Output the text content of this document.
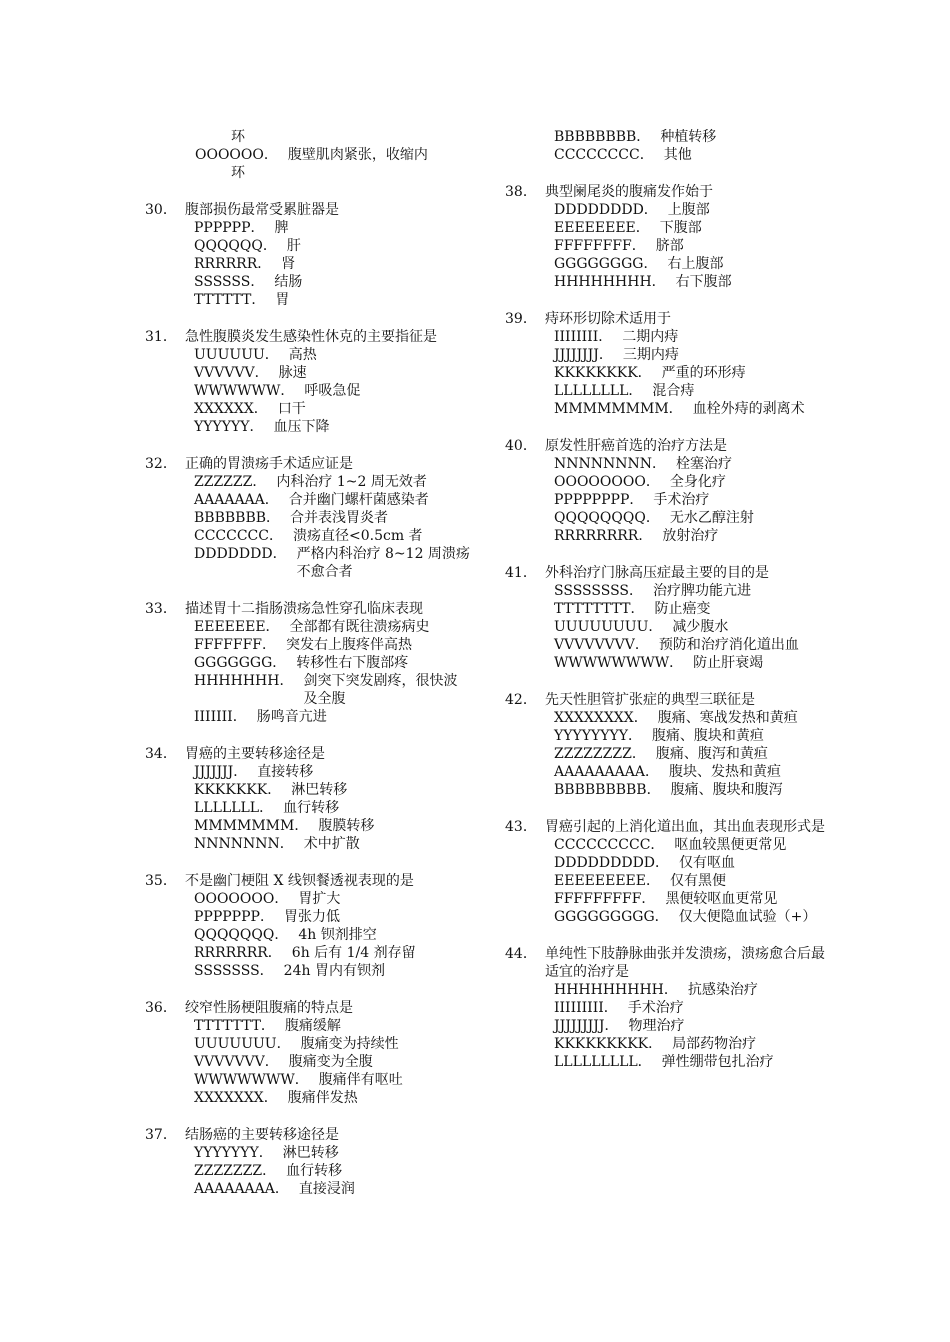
环
OOOOOO． 腹壁肌肉紧张，收缩内
环
30． 腹部损伤最常受累脏器是
PPPPPP． 脾
QQQQQQ． 肝
RRRRRR． 肾
SSSSSS． 结肠
TTTTTT． 胃
31． 急性腹膜炎发生感染性休克的主要指征是
UUUUUU． 高热
VVVVVV． 脉速
WWWWWW． 呼吸急促
XXXXXX． 口干
YYYYYY． 血压下降
32． 正确的胃溃疡手术适应证是
ZZZZZZ． 内科治疗 1~2 周无效者
AAAAAAA． 合并幽门螺杆菌感染者
BBBBBBB． 合并表浅胃炎者
CCCCCCC． 溃疡直径<0.5cm 者
DDDDDDD． 严格内科治疗 8~12 周溃疡不愈合者
33． 描述胃十二指肠溃疡急性穿孔临床表现
EEEEEEE． 全部都有既往溃疡病史
FFFFFFF． 突发右上腹疼伴高热
GGGGGGG． 转移性右下腹部疼
HHHHHHH． 剑突下突发剧疼，很快波及全腹
IIIIIII． 肠鸣音亢进
34． 胃癌的主要转移途径是
JJJJJJJ． 直接转移
KKKKKKK． 淋巴转移
LLLLLLL． 血行转移
MMMMMMM． 腹膜转移
NNNNNNN． 术中扩散
35． 不是幽门梗阻 X 线钡餐透视表现的是
OOOOOOO． 胃扩大
PPPPPPP． 胃张力低
QQQQQQQ． 4h 钡剂排空
RRRRRRR． 6h 后有 1/4 剂存留
SSSSSSS． 24h 胃内有钡剂
36． 绞窄性肠梗阻腹痛的特点是
TTTTTTT． 腹痛缓解
UUUUUUU． 腹痛变为持续性
VVVVVVV． 腹痛变为全腹
WWWWWWW． 腹痛伴有呕吐
XXXXXXX． 腹痛伴发热
37． 结肠癌的主要转移途径是
YYYYYYY． 淋巴转移
ZZZZZZZ． 血行转移
AAAAAAAA． 直接浸润
BBBBBBBB． 种植转移
CCCCCCCC． 其他
38． 典型阑尾炎的腹痛发作始于
DDDDDDDD． 上腹部
EEEEEEEE． 下腹部
FFFFFFFF． 脐部
GGGGGGGG． 右上腹部
HHHHHHHH． 右下腹部
39． 痔环形切除术适用于
IIIIIIII． 二期内痔
JJJJJJJJ． 三期内痔
KKKKKKKK． 严重的环形痔
LLLLLLLL． 混合痔
MMMMMMMM． 血栓外痔的剥离术
40． 原发性肝癌首选的治疗方法是
NNNNNNNN． 栓塞治疗
OOOOOOOO． 全身化疗
PPPPPPPP． 手术治疗
QQQQQQQQ． 无水乙醇注射
RRRRRRRR． 放射治疗
41． 外科治疗门脉高压症最主要的目的是
SSSSSSSS． 治疗脾功能亢进
TTTTTTTT． 防止癌变
UUUUUUUU． 减少腹水
VVVVVVVV． 预防和治疗消化道出血
WWWWWWWW． 防止肝衰竭
42． 先天性胆管扩张症的典型三联征是
XXXXXXXX． 腹痛、寒战发热和黄疸
YYYYYYYY． 腹痛、腹块和黄疸
ZZZZZZZZ． 腹痛、腹泻和黄疸
AAAAAAAAA． 腹块、发热和黄疸
BBBBBBBBB． 腹痛、腹块和腹泻
43． 胃癌引起的上消化道出血，其出血表现形式是
CCCCCCCCC． 呕血较黑便更常见
DDDDDDDDD． 仅有呕血
EEEEEEEEE． 仅有黑便
FFFFFFFFF． 黑便较呕血更常见
GGGGGGGGG． 仅大便隐血试验（+）
44． 单纯性下肢静脉曲张并发溃疡，溃疡愈合后最适宜的治疗是
HHHHHHHHH． 抗感染治疗
IIIIIIIII． 手术治疗
JJJJJJJJJ． 物理治疗
KKKKKKKKK． 局部药物治疗
LLLLLLLLL． 弹性绷带包扎治疗
